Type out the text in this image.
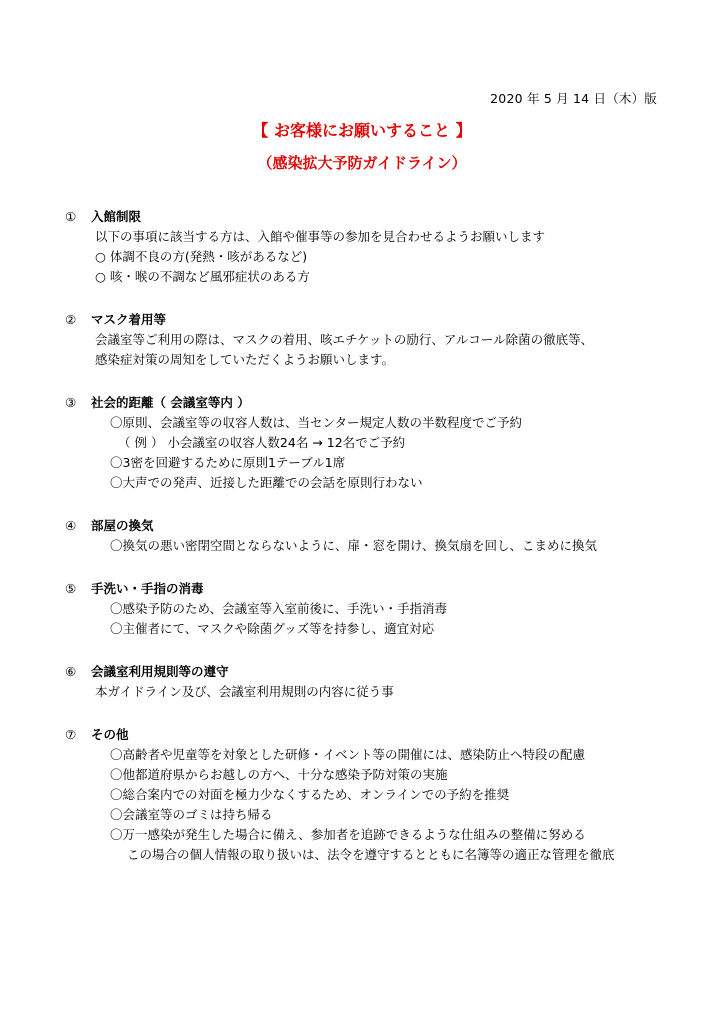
2020 年 5 月 14 日（木）版
【 お客様にお願いすること 】
（感染拡大予防ガイドライン）
① 入館制限
以下の事項に該当する方は、入館や催事等の参加を見合わせるようお願いします
○ 体調不良の方(発熱・咳があるなど)
○ 咳・喉の不調など風邪症状のある方
② マスク着用等
会議室等ご利用の際は、マスクの着用、咳エチケットの励行、アルコール除菌の徹底等、
感染症対策の周知をしていただくようお願いします。
③ 社会的距離（ 会議室等内 ）
〇原則、会議室等の収容人数は、当センター規定人数の半数程度でご予約
（ 例 ） 小会議室の収容人数24名 → 12名でご予約
〇3密を回避するために原則1テーブル1席
〇大声での発声、近接した距離での会話を原則行わない
④ 部屋の換気
〇換気の悪い密閉空間とならないように、扉・窓を開け、換気扇を回し、こまめに換気
⑤ 手洗い・手指の消毒
〇感染予防のため、会議室等入室前後に、手洗い・手指消毒
〇主催者にて、マスクや除菌グッズ等を持参し、適宜対応
⑥ 会議室利用規則等の遵守
本ガイドライン及び、会議室利用規則の内容に従う事
⑦ その他
〇高齢者や児童等を対象とした研修・イベント等の開催には、感染防止へ特段の配慮
〇他都道府県からお越しの方へ、十分な感染予防対策の実施
〇総合案内での対面を極力少なくするため、オンラインでの予約を推奨
〇会議室等のゴミは持ち帰る
〇万一感染が発生した場合に備え、参加者を追跡できるような仕組みの整備に努める
この場合の個人情報の取り扱いは、法令を遵守するとともに名簿等の適正な管理を徹底
